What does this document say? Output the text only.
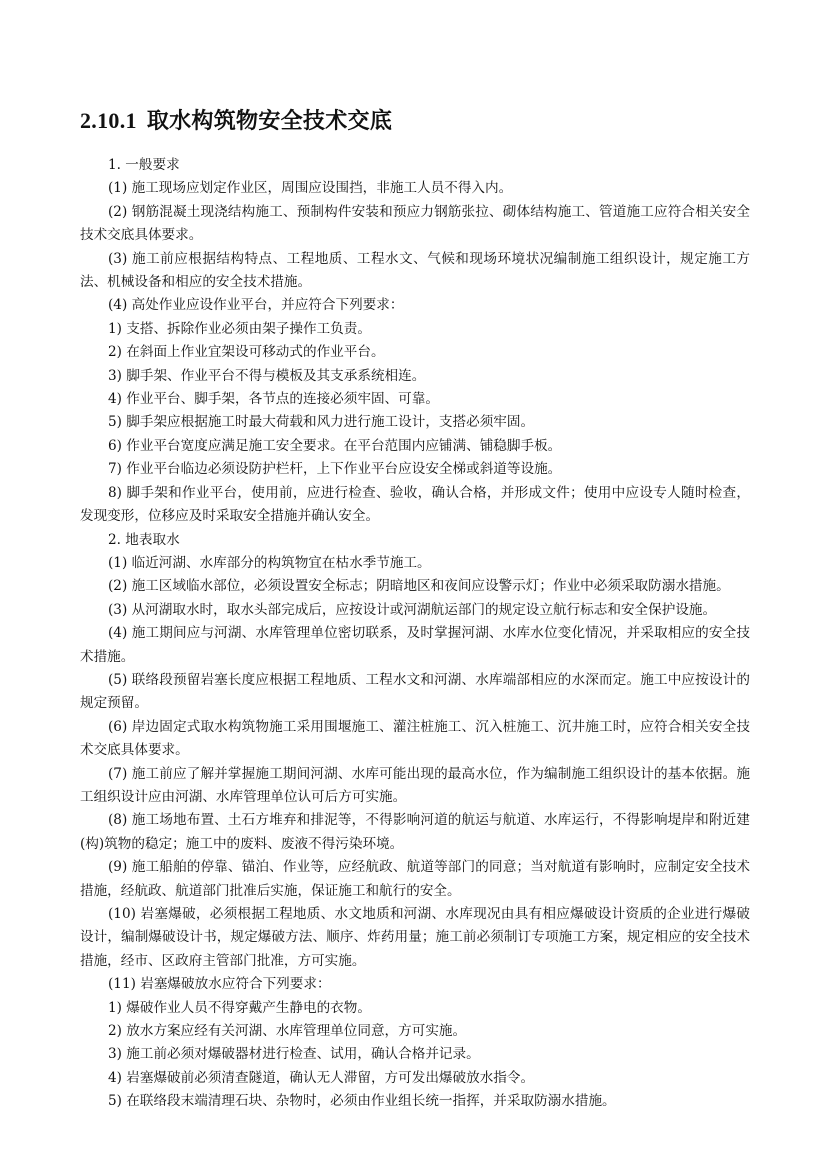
2.10.1 取水构筑物安全技术交底

1. 一般要求

(1) 施工现场应划定作业区，周围应设围挡，非施工人员不得入内。

(2) 钢筋混凝土现浇结构施工、预制构件安装和预应力钢筋张拉、砌体结构施工、管道施工应符合相关安全技术交底具体要求。

(3) 施工前应根据结构特点、工程地质、工程水文、气候和现场环境状况编制施工组织设计，规定施工方法、机械设备和相应的安全技术措施。

(4) 高处作业应设作业平台，并应符合下列要求：

1) 支搭、拆除作业必须由架子操作工负责。

2) 在斜面上作业宜架设可移动式的作业平台。

3) 脚手架、作业平台不得与模板及其支承系统相连。

4) 作业平台、脚手架，各节点的连接必须牢固、可靠。

5) 脚手架应根据施工时最大荷载和风力进行施工设计，支搭必须牢固。

6) 作业平台宽度应满足施工安全要求。在平台范围内应铺满、铺稳脚手板。

7) 作业平台临边必须设防护栏杆，上下作业平台应设安全梯或斜道等设施。

8) 脚手架和作业平台，使用前，应进行检查、验收，确认合格，并形成文件；使用中应设专人随时检查，发现变形，位移应及时采取安全措施并确认安全。

2. 地表取水

(1) 临近河湖、水库部分的构筑物宜在枯水季节施工。

(2) 施工区域临水部位，必须设置安全标志；阴暗地区和夜间应设警示灯；作业中必须采取防溺水措施。

(3) 从河湖取水时，取水头部完成后，应按设计或河湖航运部门的规定设立航行标志和安全保护设施。

(4) 施工期间应与河湖、水库管理单位密切联系，及时掌握河湖、水库水位变化情况，并采取相应的安全技术措施。

(5) 联络段预留岩塞长度应根据工程地质、工程水文和河湖、水库端部相应的水深而定。施工中应按设计的规定预留。

(6) 岸边固定式取水构筑物施工采用围堰施工、灌注桩施工、沉入桩施工、沉井施工时，应符合相关安全技术交底具体要求。

(7) 施工前应了解并掌握施工期间河湖、水库可能出现的最高水位，作为编制施工组织设计的基本依据。施工组织设计应由河湖、水库管理单位认可后方可实施。

(8) 施工场地布置、土石方堆弃和排泥等，不得影响河道的航运与航道、水库运行，不得影响堤岸和附近建(构)筑物的稳定；施工中的废料、废液不得污染环境。

(9) 施工船舶的停靠、锚泊、作业等，应经航政、航道等部门的同意；当对航道有影响时，应制定安全技术措施，经航政、航道部门批准后实施，保证施工和航行的安全。

(10) 岩塞爆破，必须根据工程地质、水文地质和河湖、水库现况由具有相应爆破设计资质的企业进行爆破设计，编制爆破设计书，规定爆破方法、顺序、炸药用量；施工前必须制订专项施工方案，规定相应的安全技术措施，经市、区政府主管部门批准，方可实施。

(11) 岩塞爆破放水应符合下列要求：

1) 爆破作业人员不得穿戴产生静电的衣物。

2) 放水方案应经有关河湖、水库管理单位同意，方可实施。

3) 施工前必须对爆破器材进行检查、试用，确认合格并记录。

4) 岩塞爆破前必须清查隧道，确认无人滞留，方可发出爆破放水指令。

5) 在联络段末端清理石块、杂物时，必须由作业组长统一指挥，并采取防溺水措施。
